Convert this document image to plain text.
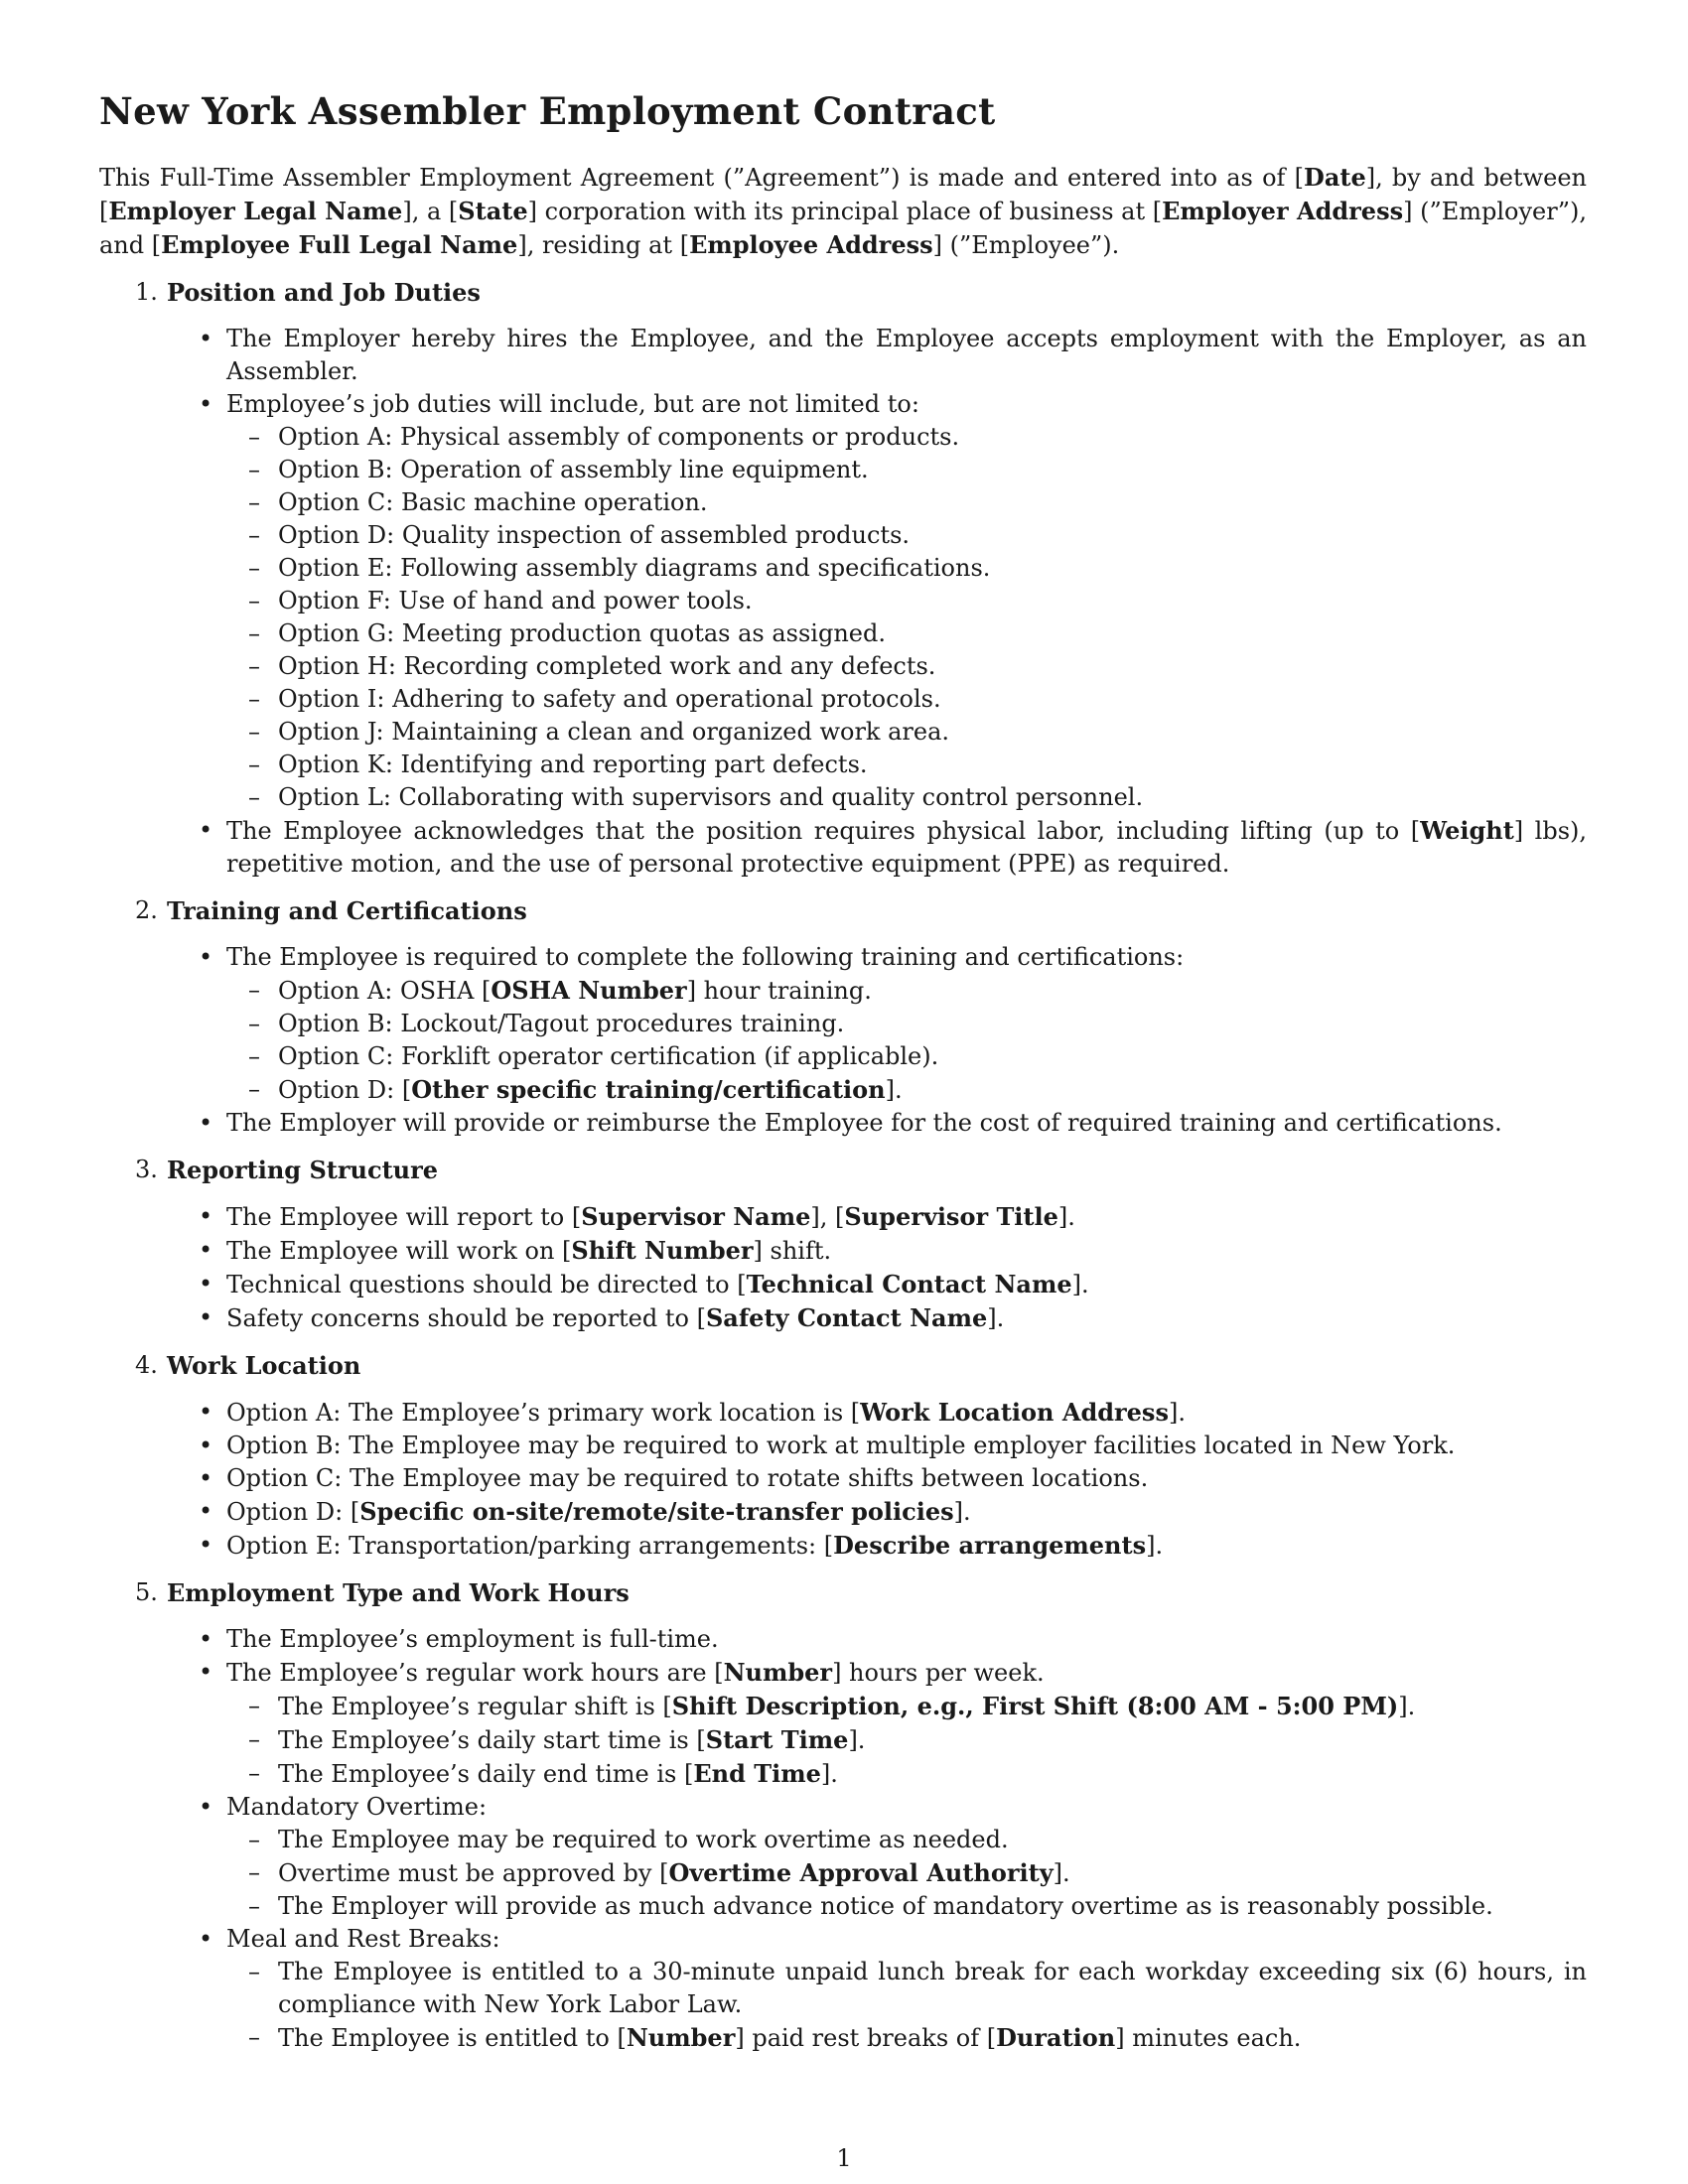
New York Assembler Employment Contract

This Full-Time Assembler Employment Agreement (”Agreement”) is made and entered into as of [Date], by and between [Employer Legal Name], a [State] corporation with its principal place of business at [Employer Address] (”Employer”), and [Employee Full Legal Name], residing at [Employee Address] (”Employee”).

1. Position and Job Duties
• The Employer hereby hires the Employee, and the Employee accepts employment with the Employer, as an Assembler.
• Employee’s job duties will include, but are not limited to:
– Option A: Physical assembly of components or products.
– Option B: Operation of assembly line equipment.
– Option C: Basic machine operation.
– Option D: Quality inspection of assembled products.
– Option E: Following assembly diagrams and specifications.
– Option F: Use of hand and power tools.
– Option G: Meeting production quotas as assigned.
– Option H: Recording completed work and any defects.
– Option I: Adhering to safety and operational protocols.
– Option J: Maintaining a clean and organized work area.
– Option K: Identifying and reporting part defects.
– Option L: Collaborating with supervisors and quality control personnel.
• The Employee acknowledges that the position requires physical labor, including lifting (up to [Weight] lbs), repetitive motion, and the use of personal protective equipment (PPE) as required.
2. Training and Certifications
• The Employee is required to complete the following training and certifications:
– Option A: OSHA [OSHA Number] hour training.
– Option B: Lockout/Tagout procedures training.
– Option C: Forklift operator certification (if applicable).
– Option D: [Other specific training/certification].
• The Employer will provide or reimburse the Employee for the cost of required training and certifications.
3. Reporting Structure
• The Employee will report to [Supervisor Name], [Supervisor Title].
• The Employee will work on [Shift Number] shift.
• Technical questions should be directed to [Technical Contact Name].
• Safety concerns should be reported to [Safety Contact Name].
4. Work Location
• Option A: The Employee’s primary work location is [Work Location Address].
• Option B: The Employee may be required to work at multiple employer facilities located in New York.
• Option C: The Employee may be required to rotate shifts between locations.
• Option D: [Specific on-site/remote/site-transfer policies].
• Option E: Transportation/parking arrangements: [Describe arrangements].
5. Employment Type and Work Hours
• The Employee’s employment is full-time.
• The Employee’s regular work hours are [Number] hours per week.
– The Employee’s regular shift is [Shift Description, e.g., First Shift (8:00 AM - 5:00 PM)].
– The Employee’s daily start time is [Start Time].
– The Employee’s daily end time is [End Time].
• Mandatory Overtime:
– The Employee may be required to work overtime as needed.
– Overtime must be approved by [Overtime Approval Authority].
– The Employer will provide as much advance notice of mandatory overtime as is reasonably possible.
• Meal and Rest Breaks:
– The Employee is entitled to a 30-minute unpaid lunch break for each workday exceeding six (6) hours, in compliance with New York Labor Law.
– The Employee is entitled to [Number] paid rest breaks of [Duration] minutes each.
1
